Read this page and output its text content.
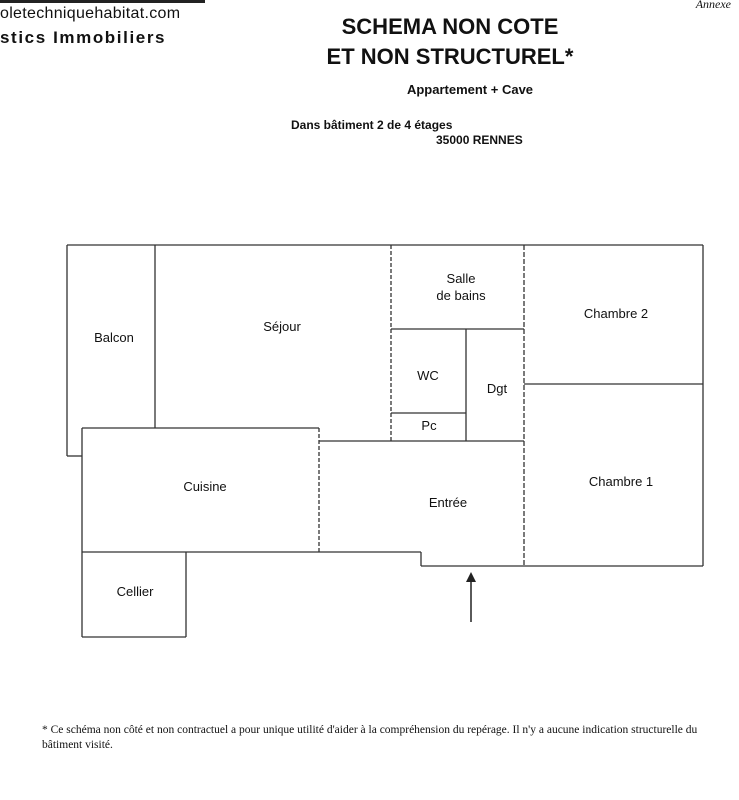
oletechniquehabitat.com
stics Immobiliers
Annexe
SCHEMA NON COTE
ET NON STRUCTUREL*
Appartement + Cave
Dans bâtiment 2 de 4 étages
35000 RENNES
Balcon
Séjour
Salle
de bains
Chambre 2
WC
Dgt
Pc
Cuisine
Entrée
Chambre 1
Cellier
* Ce schéma non côté et non contractuel a pour unique utilité d'aider à la compréhension du repérage. Il n'y a aucune indication structurelle du bâtiment visité.
